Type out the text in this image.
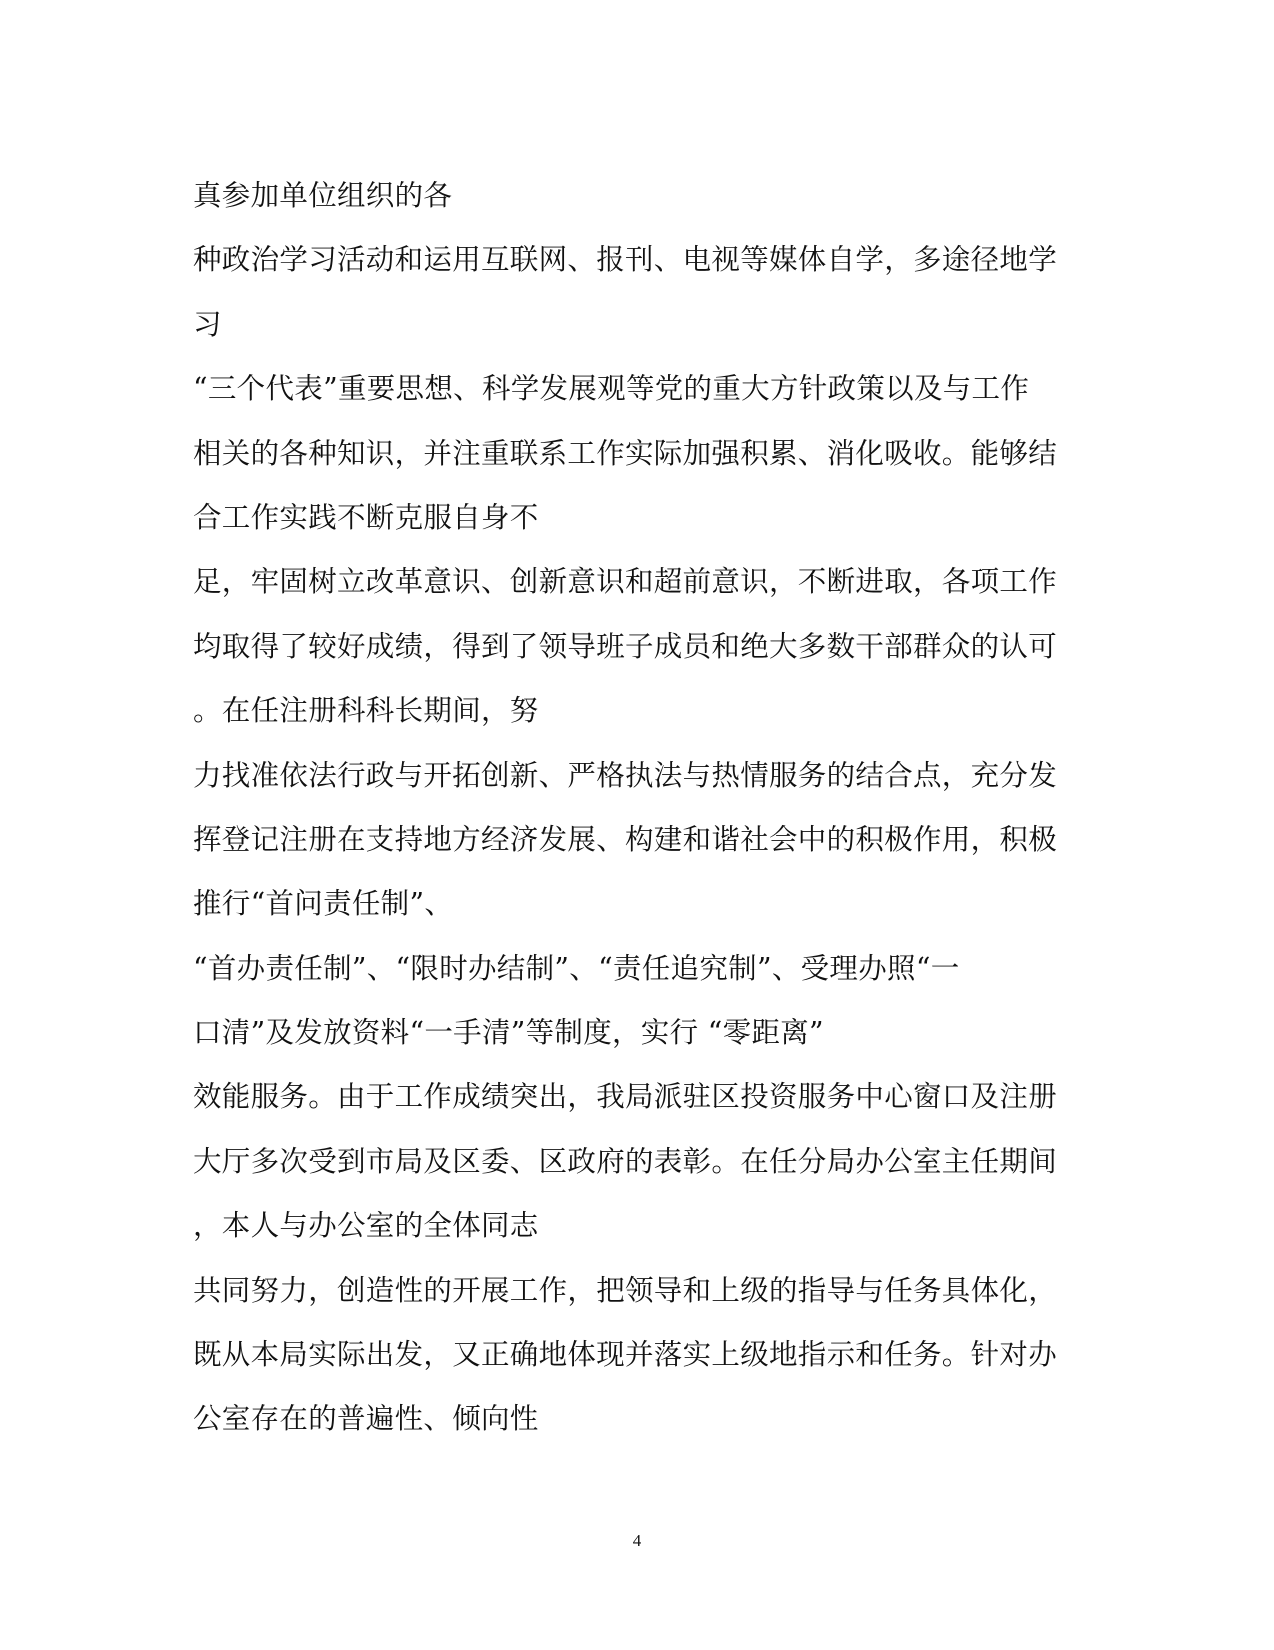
真参加单位组织的各
种政治学习活动和运用互联网、报刊、电视等媒体自学，多途径地学
习
“三个代表”重要思想、科学发展观等党的重大方针政策以及与工作
相关的各种知识，并注重联系工作实际加强积累、消化吸收。能够结
合工作实践不断克服自身不
足，牢固树立改革意识、创新意识和超前意识，不断进取，各项工作
均取得了较好成绩，得到了领导班子成员和绝大多数干部群众的认可
。在任注册科科长期间，努
力找准依法行政与开拓创新、严格执法与热情服务的结合点，充分发
挥登记注册在支持地方经济发展、构建和谐社会中的积极作用，积极
推行“首问责任制”、
“首办责任制”、“限时办结制”、“责任追究制”、受理办照“一
口清”及发放资料“一手清”等制度，实行 “零距离”
效能服务。由于工作成绩突出，我局派驻区投资服务中心窗口及注册
大厅多次受到市局及区委、区政府的表彰。在任分局办公室主任期间
，本人与办公室的全体同志
共同努力，创造性的开展工作，把领导和上级的指导与任务具体化，
既从本局实际出发，又正确地体现并落实上级地指示和任务。针对办
公室存在的普遍性、倾向性
4
